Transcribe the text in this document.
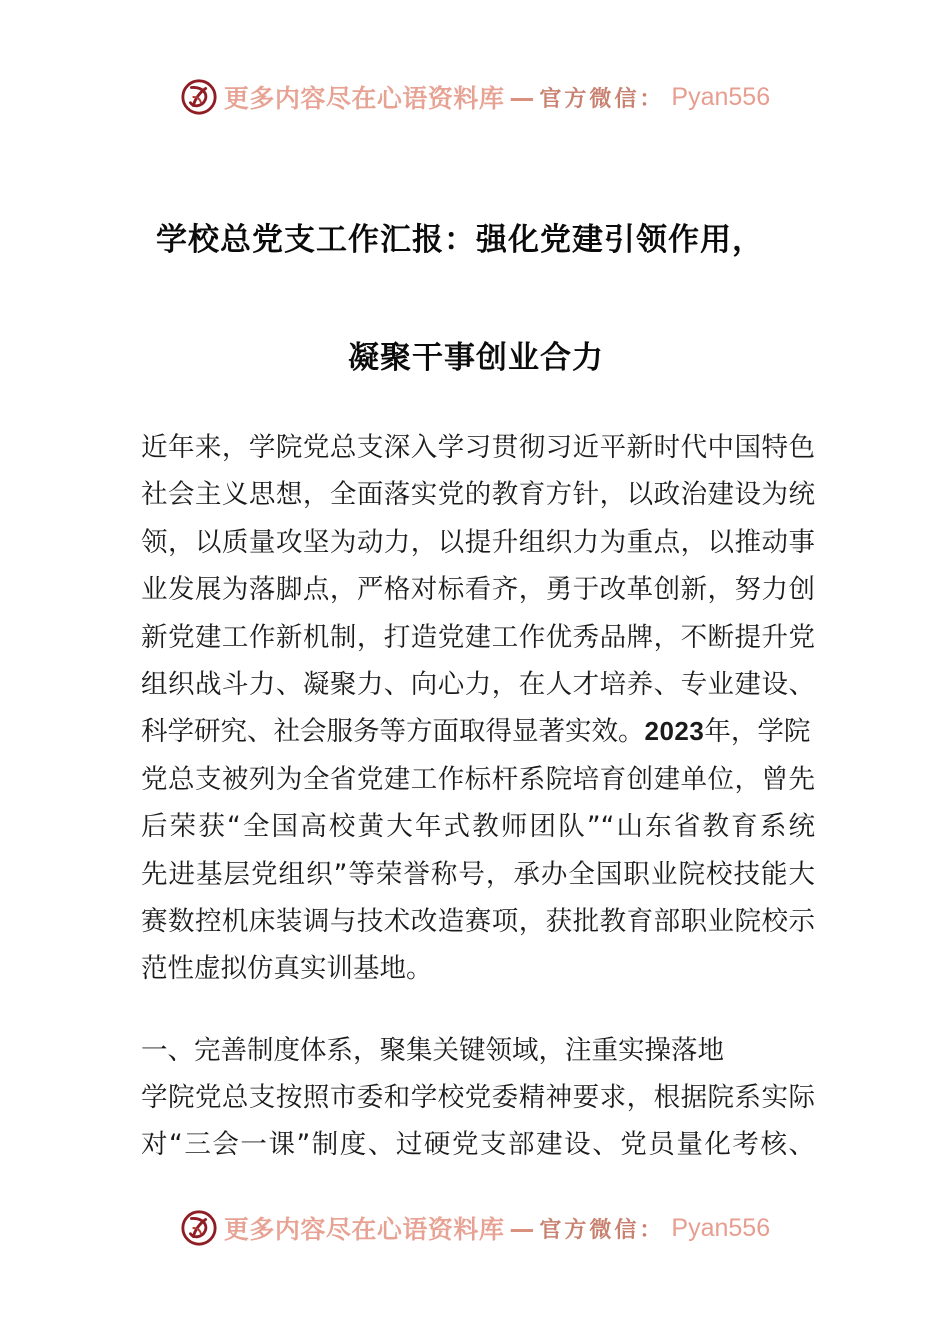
更多内容尽在心语资料库 — 官方微信： Pyan556
学校总党支工作汇报：强化党建引领作用，
凝聚干事创业合力
近年来，学院党总支深入学习贯彻习近平新时代中国特色
社会主义思想，全面落实党的教育方针，以政治建设为统
领，以质量攻坚为动力，以提升组织力为重点，以推动事
业发展为落脚点，严格对标看齐，勇于改革创新，努力创
新党建工作新机制，打造党建工作优秀品牌，不断提升党
组织战斗力、凝聚力、向心力，在人才培养、专业建设、
科学研究、社会服务等方面取得显著实效。2023年，学院
党总支被列为全省党建工作标杆系院培育创建单位，曾先
后荣获“全国高校黄大年式教师团队”“山东省教育系统
先进基层党组织”等荣誉称号，承办全国职业院校技能大
赛数控机床装调与技术改造赛项，获批教育部职业院校示
范性虚拟仿真实训基地。
一、完善制度体系，聚集关键领域，注重实操落地
学院党总支按照市委和学校党委精神要求，根据院系实际
对“三会一课”制度、过硬党支部建设、党员量化考核、
更多内容尽在心语资料库 — 官方微信： Pyan556
